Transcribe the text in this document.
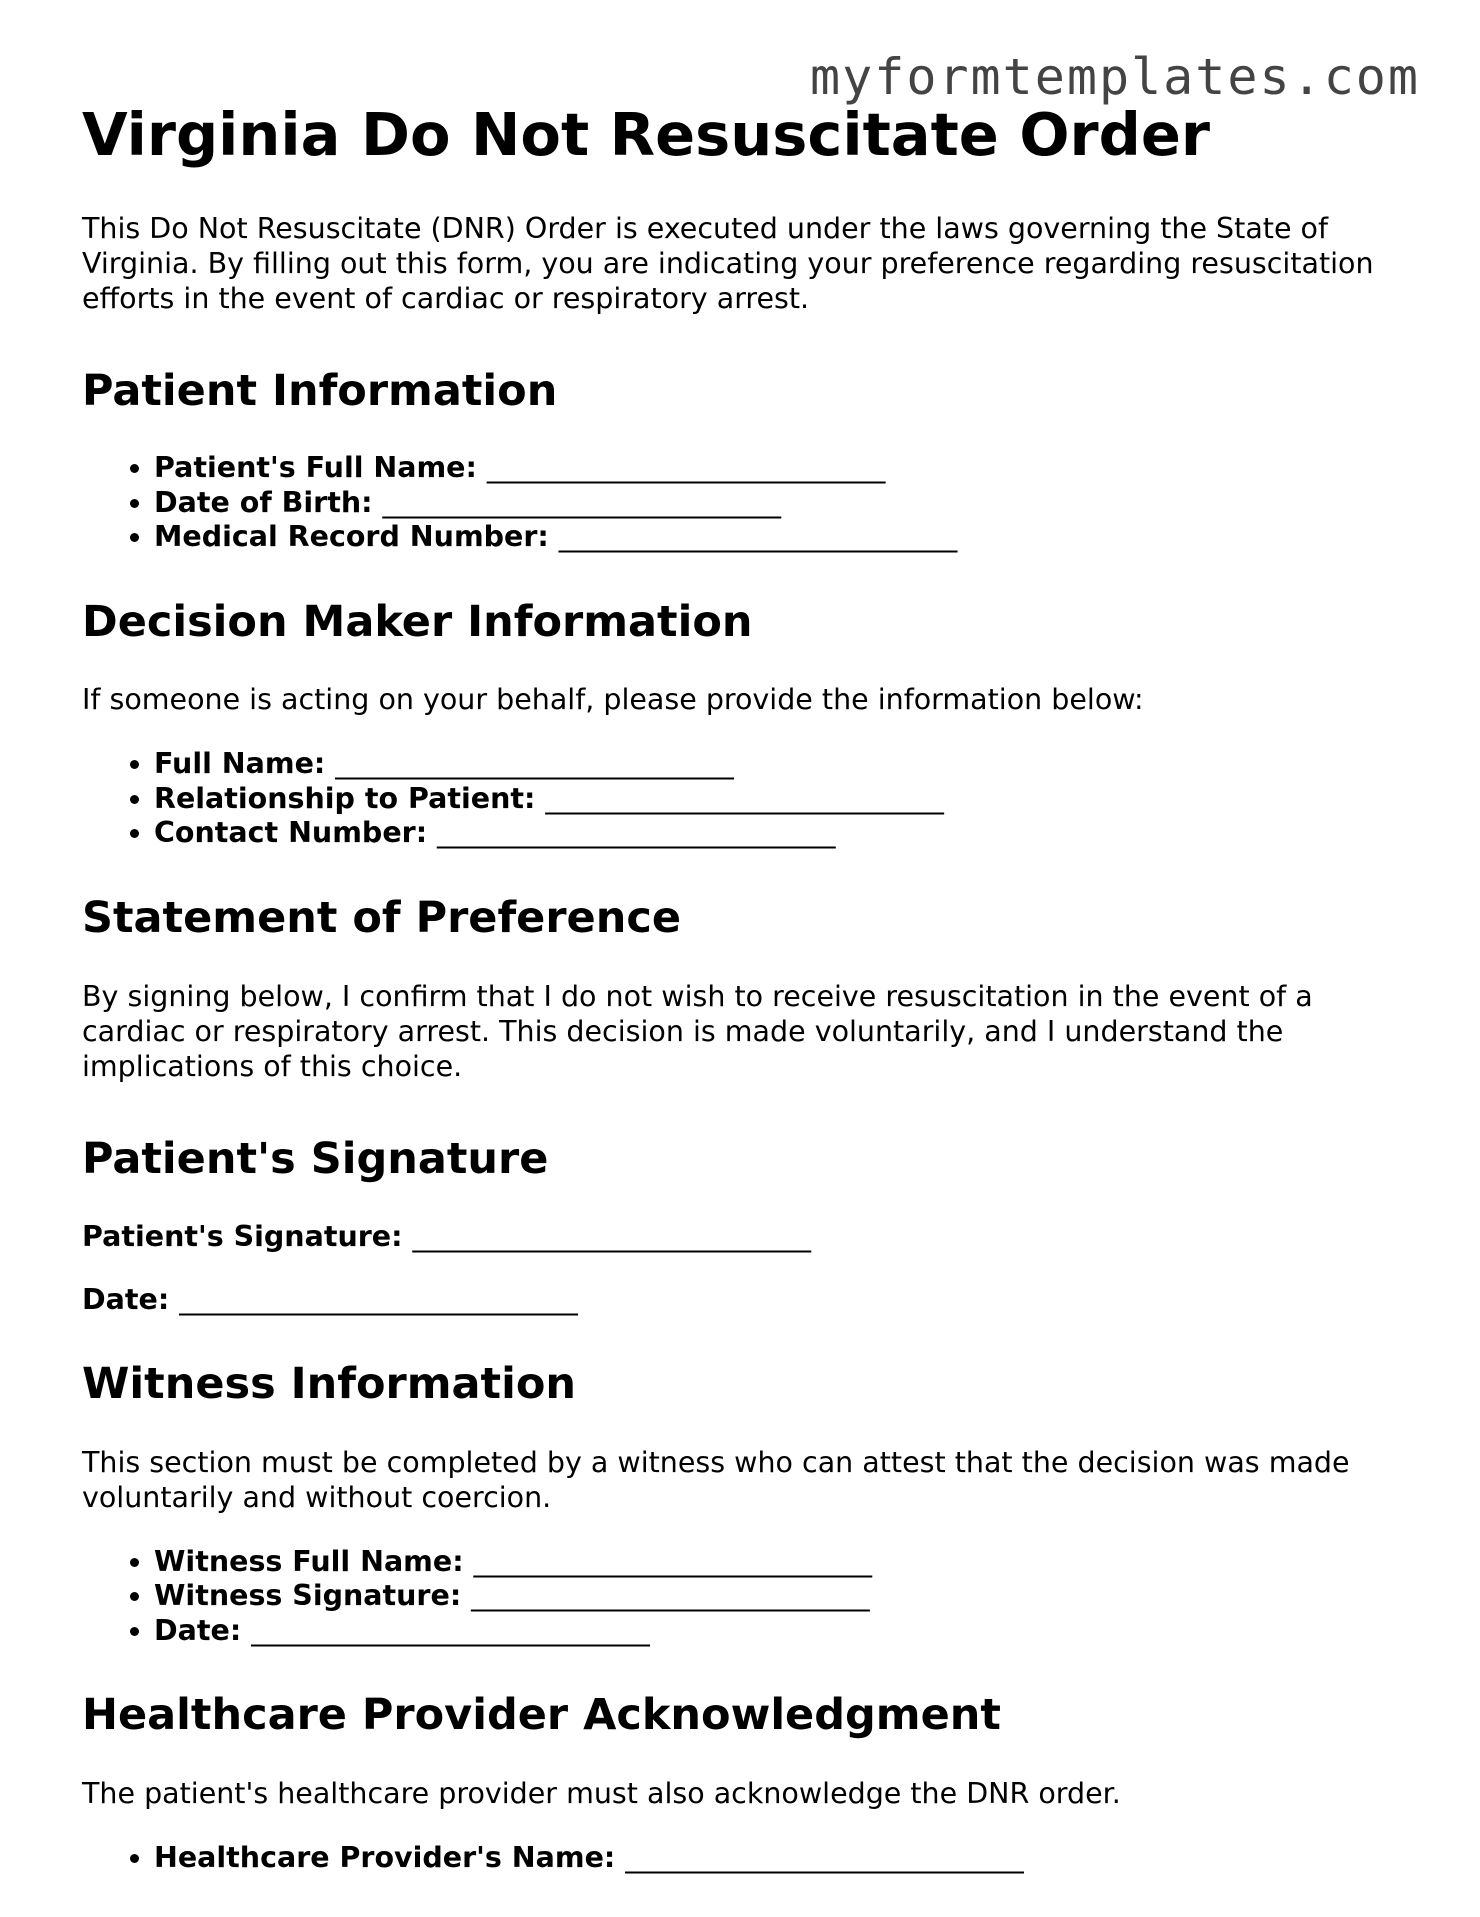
myformtemplates.com
Virginia Do Not Resuscitate Order

This Do Not Resuscitate (DNR) Order is executed under the laws governing the State of Virginia. By filling out this form, you are indicating your preference regarding resuscitation efforts in the event of cardiac or respiratory arrest.

Patient Information
• Patient's Full Name: ______________________________
• Date of Birth: ______________________________
• Medical Record Number: ______________________________
Decision Maker Information

If someone is acting on your behalf, please provide the information below:

• Full Name: ______________________________
• Relationship to Patient: ______________________________
• Contact Number: ______________________________
Statement of Preference

By signing below, I confirm that I do not wish to receive resuscitation in the event of a cardiac or respiratory arrest. This decision is made voluntarily, and I understand the implications of this choice.

Patient's Signature
Patient's Signature: ______________________________
Date: ______________________________
Witness Information

This section must be completed by a witness who can attest that the decision was made voluntarily and without coercion.

• Witness Full Name: ______________________________
• Witness Signature: ______________________________
• Date: ______________________________
Healthcare Provider Acknowledgment

The patient's healthcare provider must also acknowledge the DNR order.

• Healthcare Provider's Name: ______________________________
